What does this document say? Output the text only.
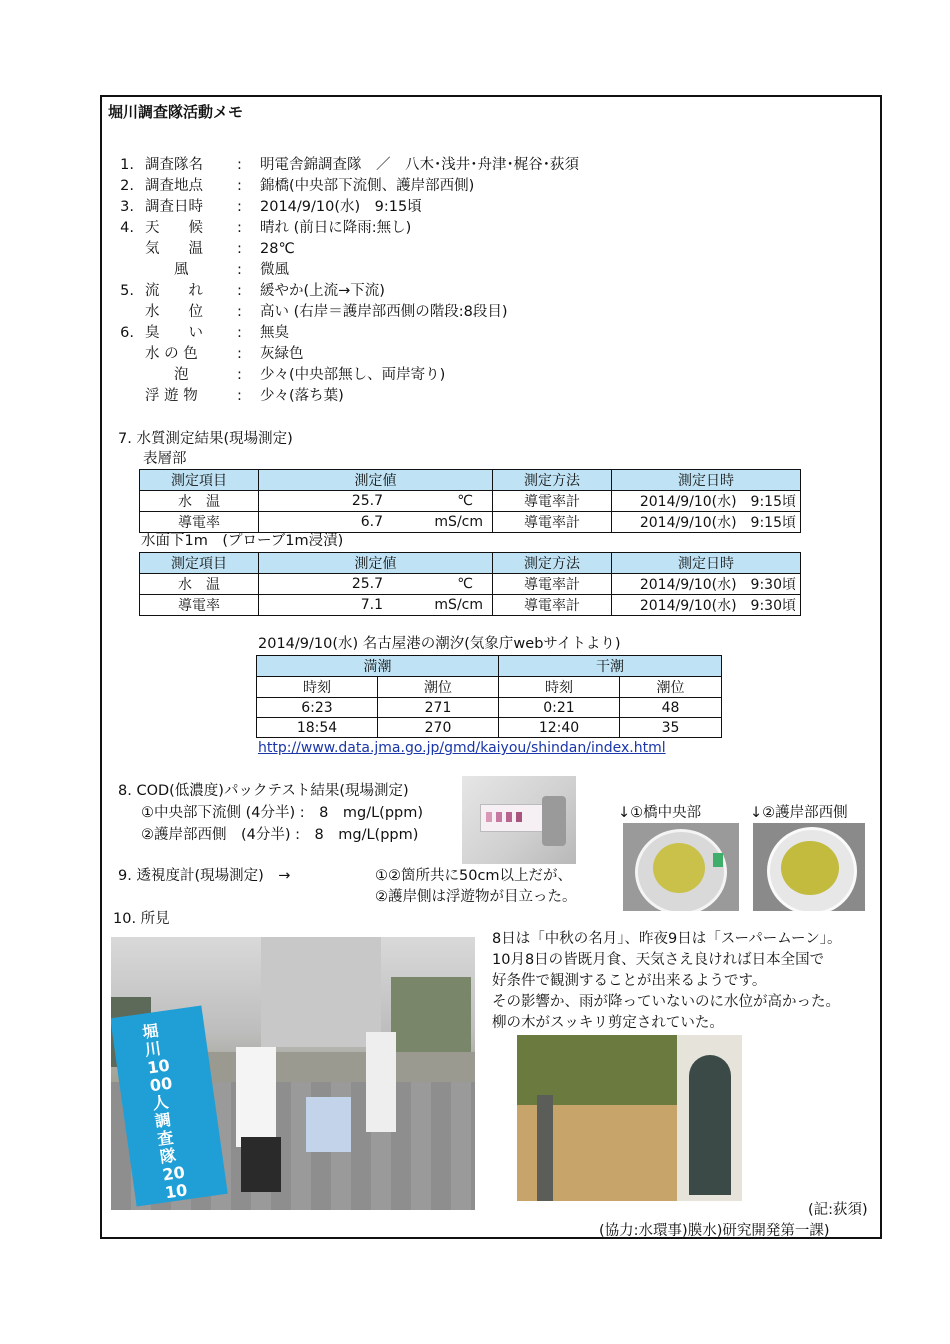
堀川調査隊活動メモ
1. 調査隊名 : 明電舎錦調査隊　／　八木･浅井･舟津･梶谷･荻須
2. 調査地点 : 錦橋(中央部下流側、護岸部西側)
3. 調査日時 : 2014/9/10(水)　9:15頃
4. 天　　候 : 晴れ (前日に降雨:無し)
気　　温 : 28℃
　　風	: 微風
5. 流　　れ : 緩やか(上流→下流)
水　　位 : 高い (右岸＝護岸部西側の階段:8段目)
6. 臭　　い : 無臭
水 の 色	: 灰緑色
　　泡	: 少々(中央部無し、両岸寄り)
浮 遊 物	: 少々(落ち葉)
7. 水質測定結果(現場測定)
表層部
測定項目	測定値	測定方法	測定日時
水　温	25.7 ℃	導電率計	2014/9/10(水)　9:15頃
導電率	6.7 mS/cm	導電率計	2014/9/10(水)　9:15頃
水面下1m　(プローブ1m浸漬)
測定項目	測定値	測定方法	測定日時
水　温	25.7 ℃	導電率計	2014/9/10(水)　9:30頃
導電率	7.1 mS/cm	導電率計	2014/9/10(水)　9:30頃
2014/9/10(水) 名古屋港の潮汐(気象庁webサイトより)
満潮		干潮	
時刻	潮位	時刻	潮位
6:23	271	0:21	48
18:54	270	12:40	35
http://www.data.jma.go.jp/gmd/kaiyou/shindan/index.html
8. COD(低濃度)パックテスト結果(現場測定)
①中央部下流側 (4分半) :　8　mg/L(ppm)
②護岸部西側　(4分半) :　8　mg/L(ppm)
↓①橋中央部	↓②護岸部西側
9. 透視度計(現場測定)　→	①②箇所共に50cm以上だが、
②護岸側は浮遊物が目立った。
10. 所見
堀川1000人調査隊 2010
8日は「中秋の名月」、昨夜9日は「スーパームーン」。
10月8日の皆既月食、天気さえ良ければ日本全国で
好条件で観測することが出来るようです。
その影響か、雨が降っていないのに水位が高かった。
柳の木がスッキリ剪定されていた。
(記:荻須)
(協力:水環事)膜水)研究開発第一課)
